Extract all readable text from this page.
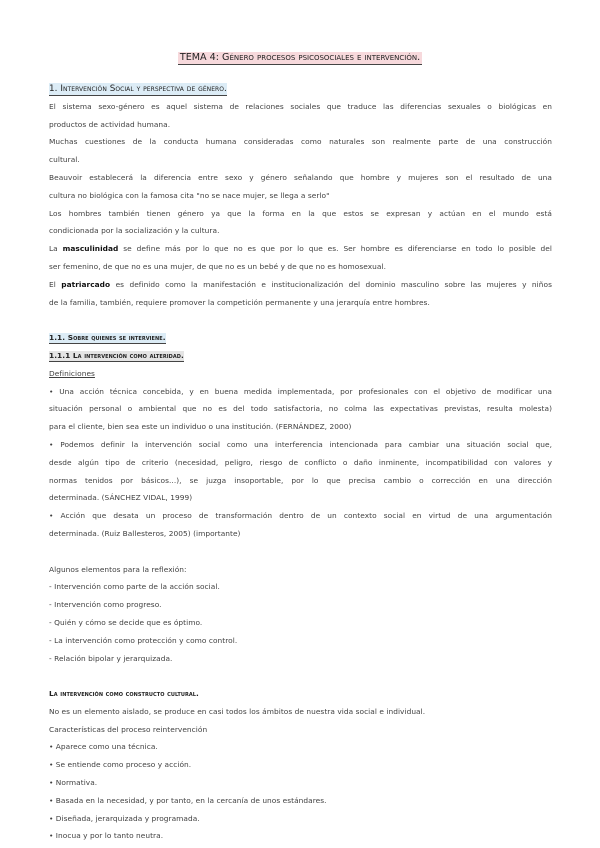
TEMA 4: Género procesos psicosociales e intervención.
1. Intervención Social y perspectiva de género.
El sistema sexo-género es aquel sistema de relaciones sociales que traduce las diferencias sexuales o biológicas en
productos de actividad humana.
Muchas cuestiones de la conducta humana consideradas como naturales son realmente parte de una construcción
cultural.
Beauvoir establecerá la diferencia entre sexo y género señalando que hombre y mujeres son el resultado de una
cultura no biológica con la famosa cita "no se nace mujer, se llega a serlo"
Los hombres también tienen género ya que la forma en la que estos se expresan y actúan en el mundo está
condicionada por la socialización y la cultura.
La masculinidad se define más por lo que no es que por lo que es. Ser hombre es diferenciarse en todo lo posible del
ser femenino, de que no es una mujer, de que no es un bebé y de que no es homosexual.
El patriarcado es definido como la manifestación e institucionalización del dominio masculino sobre las mujeres y niños
de la familia, también, requiere promover la competición permanente y una jerarquía entre hombres.
1.1. Sobre quienes se interviene.
1.1.1 La intervención como alteridad.
Definiciones
• Una acción técnica concebida, y en buena medida implementada, por profesionales con el objetivo de modificar una
situación personal o ambiental que no es del todo satisfactoria, no colma las expectativas previstas, resulta molesta)
para el cliente, bien sea este un individuo o una institución. (FERNÁNDEZ, 2000)
• Podemos definir la intervención social como una interferencia intencionada para cambiar una situación social que,
desde algún tipo de criterio (necesidad, peligro, riesgo de conflicto o daño inminente, incompatibilidad con valores y
normas tenidos por básicos...), se juzga insoportable, por lo que precisa cambio o corrección en una dirección
determinada. (SÁNCHEZ VIDAL, 1999)
• Acción que desata un proceso de transformación dentro de un contexto social en virtud de una argumentación
determinada. (Ruiz Ballesteros, 2005) (importante)
Algunos elementos para la reflexión:
- Intervención como parte de la acción social.
- Intervención como progreso.
- Quién y cómo se decide que es óptimo.
- La intervención como protección y como control.
- Relación bipolar y jerarquizada.
La intervención como constructo cultural.
No es un elemento aislado, se produce en casi todos los ámbitos de nuestra vida social e individual.
Características del proceso reintervención
• Aparece como una técnica.
• Se entiende como proceso y acción.
• Normativa.
• Basada en la necesidad, y por tanto, en la cercanía de unos estándares.
• Diseñada, jerarquizada y programada.
• Inocua y por lo tanto neutra.
